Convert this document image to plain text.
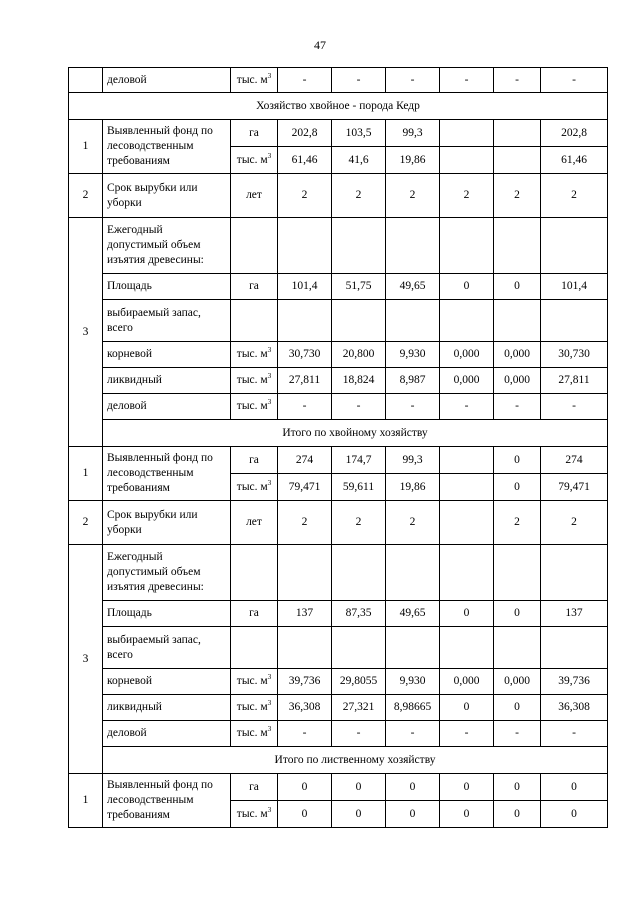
47
	деловой	тыс. $м^3$	-	-	-	-	-	-
Хозяйство хвойное - порода Кедр								
1	Выявленный фонд по лесоводственным требованиям	га	202,8	103,5	99,3			202,8
		тыс. $м^3$	61,46	41,6	19,86			61,46
2	Срок вырубки или уборки	лет	2	2	2	2	2	2
3	Ежегодный допустимый объем изъятия древесины:							
	Площадь	га	101,4	51,75	49,65	0	0	101,4
	выбираемый запас, всего							
	корневой	тыс. $м^3$	30,730	20,800	9,930	0,000	0,000	30,730
	ликвидный	тыс. $м^3$	27,811	18,824	8,987	0,000	0,000	27,811
	деловой	тыс. $м^3$	-	-	-	-	-	-
	Итого по хвойному хозяйству							
1	Выявленный фонд по лесоводственным требованиям	га	274	174,7	99,3		0	274
		тыс. $м^3$	79,471	59,611	19,86		0	79,471
2	Срок вырубки или уборки	лет	2	2	2		2	2
3	Ежегодный допустимый объем изъятия древесины:							
	Площадь	га	137	87,35	49,65	0	0	137
	выбираемый запас, всего							
	корневой	тыс. $м^3$	39,736	29,8055	9,930	0,000	0,000	39,736
	ликвидный	тыс. $м^3$	36,308	27,321	8,98665	0	0	36,308
	деловой	тыс. $м^3$	-	-	-	-	-	-
	Итого по лиственному хозяйству							
1	Выявленный фонд по лесоводственным требованиям	га	0	0	0	0	0	0
		тыс. $м^3$	0	0	0	0	0	0
